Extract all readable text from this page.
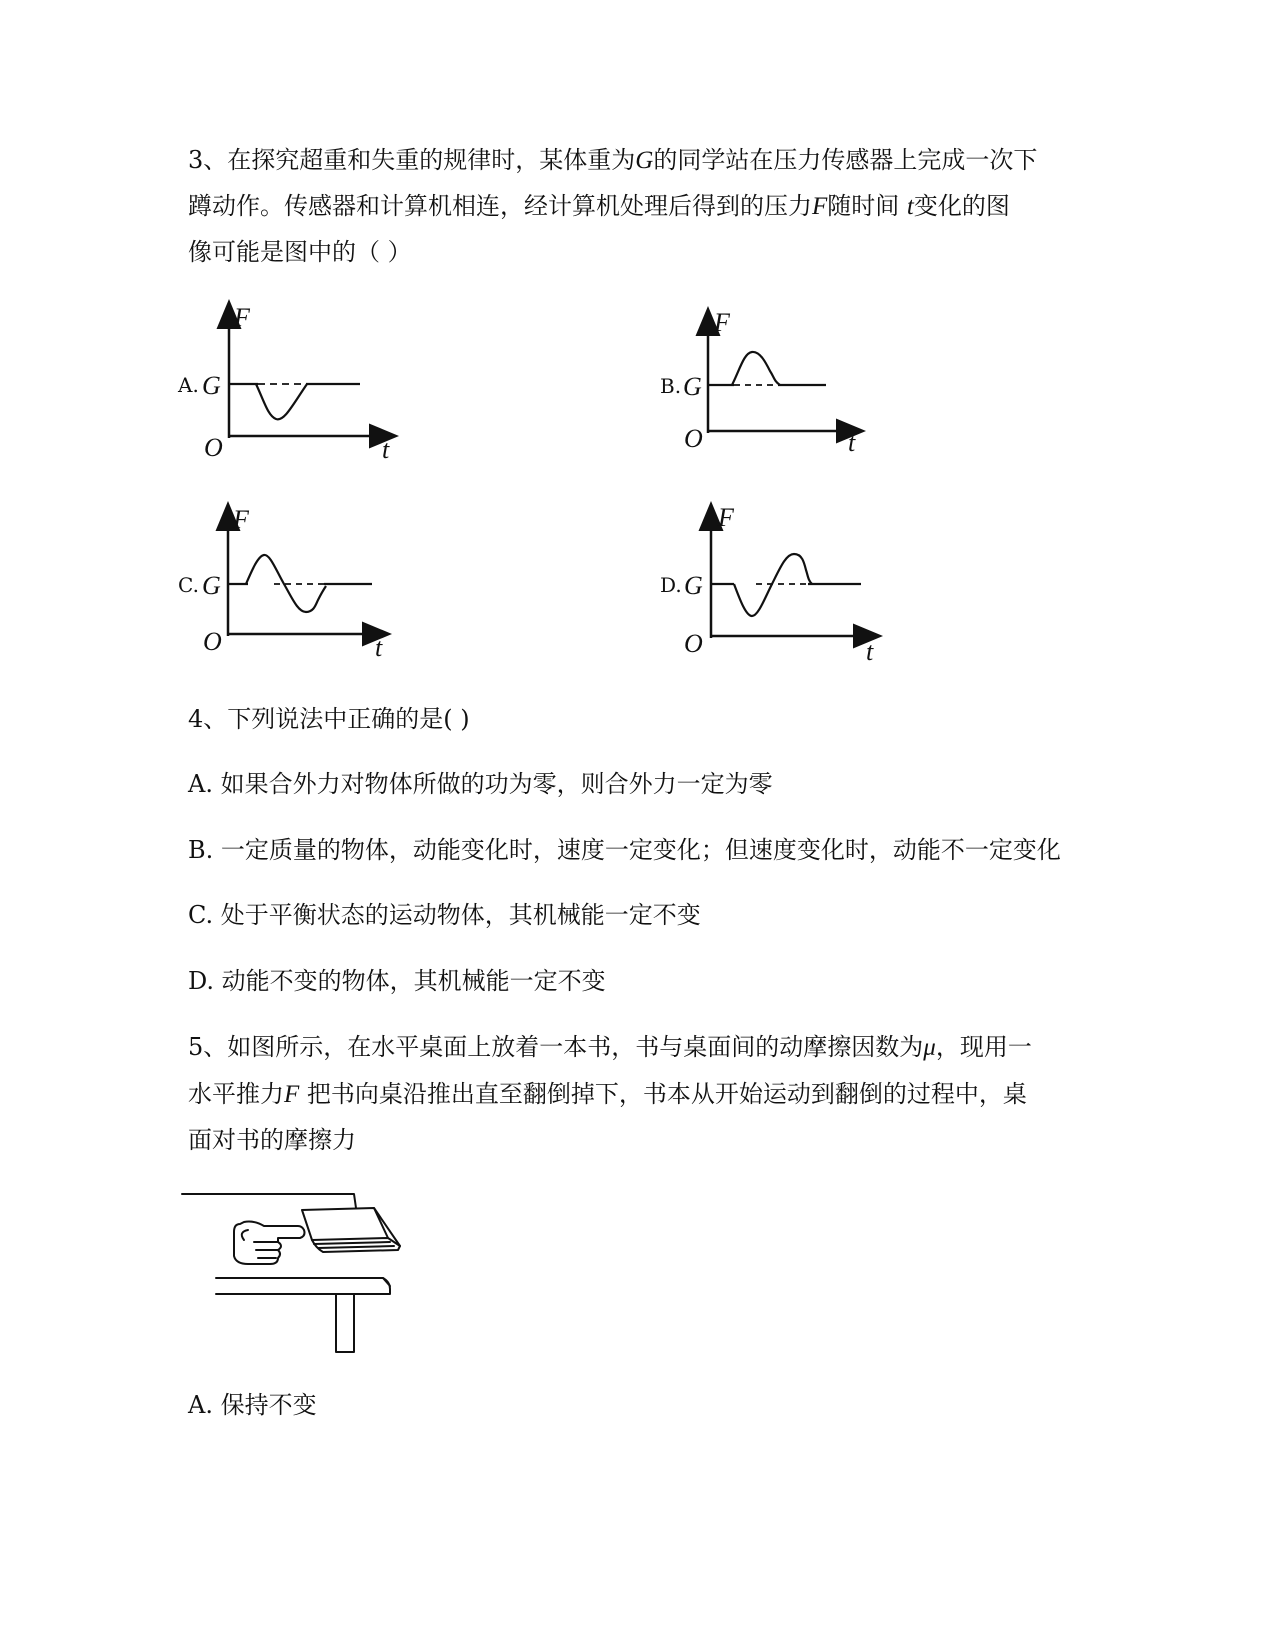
3、在探究超重和失重的规律时，某体重为G的同学站在压力传感器上完成一次下
蹲动作。传感器和计算机相连，经计算机处理后得到的压力F随时间 t变化的图
像可能是图中的（ ）
A. G
F
O	t
B. G
F
O	t
C. G
F
O	t
D. G
F
O	t
4、下列说法中正确的是( )
A. 如果合外力对物体所做的功为零，则合外力一定为零
B. 一定质量的物体，动能变化时，速度一定变化；但速度变化时，动能不一定变化
C. 处于平衡状态的运动物体，其机械能一定不变
D. 动能不变的物体，其机械能一定不变
5、如图所示，在水平桌面上放着一本书，书与桌面间的动摩擦因数为μ，现用一
水平推力F 把书向桌沿推出直至翻倒掉下，书本从开始运动到翻倒的过程中，桌
面对书的摩擦力
A. 保持不变
